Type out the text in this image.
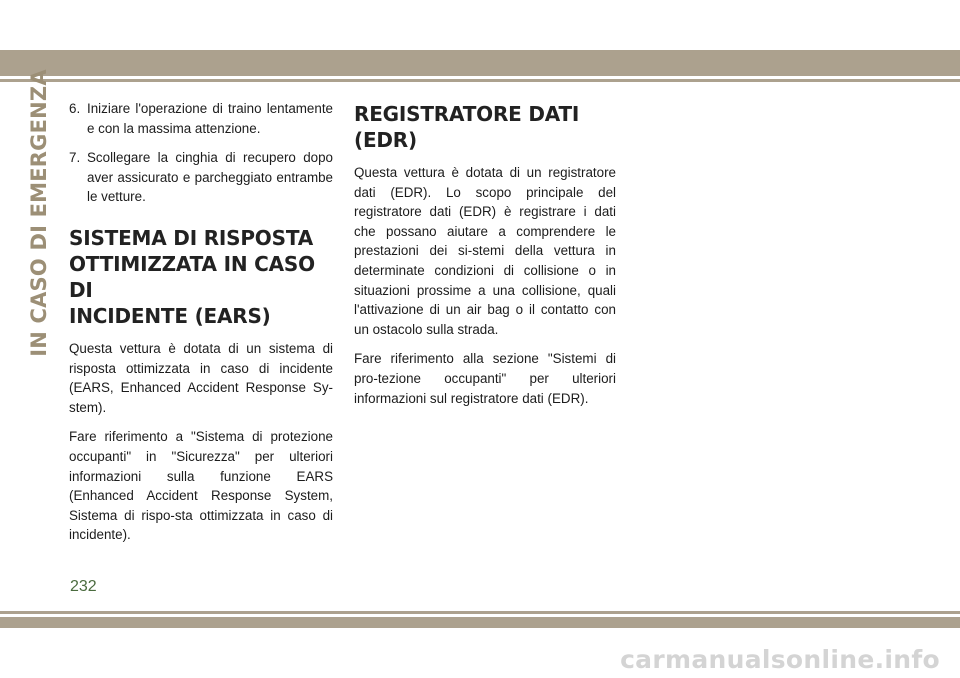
IN CASO DI EMERGENZA 6. Iniziare l'operazione di traino lentamente e con la massima attenzione.
7. Scollegare la cinghia di recupero dopo aver assicurato e parcheggiato entrambe le vetture.
SISTEMA DI RISPOSTA
OTTIMIZZATA IN CASO DI
INCIDENTE (EARS)

Questa vettura è dotata di un sistema di risposta ottimizzata in caso di incidente (EARS, Enhanced Accident Response Sy-stem).

Fare riferimento a "Sistema di protezione occupanti" in "Sicurezza" per ulteriori informazioni sulla funzione EARS (Enhanced Accident Response System, Sistema di rispo-sta ottimizzata in caso di incidente).

REGISTRATORE DATI (EDR)

Questa vettura è dotata di un registratore dati (EDR). Lo scopo principale del registratore dati (EDR) è registrare i dati che possano aiutare a comprendere le prestazioni dei si-stemi della vettura in determinate condizioni di collisione o in situazioni prossime a una collisione, quali l'attivazione di un air bag o il contatto con un ostacolo sulla strada.

Fare riferimento alla sezione "Sistemi di pro-tezione occupanti" per ulteriori informazioni sul registratore dati (EDR).

232
carmanualsonline.info
